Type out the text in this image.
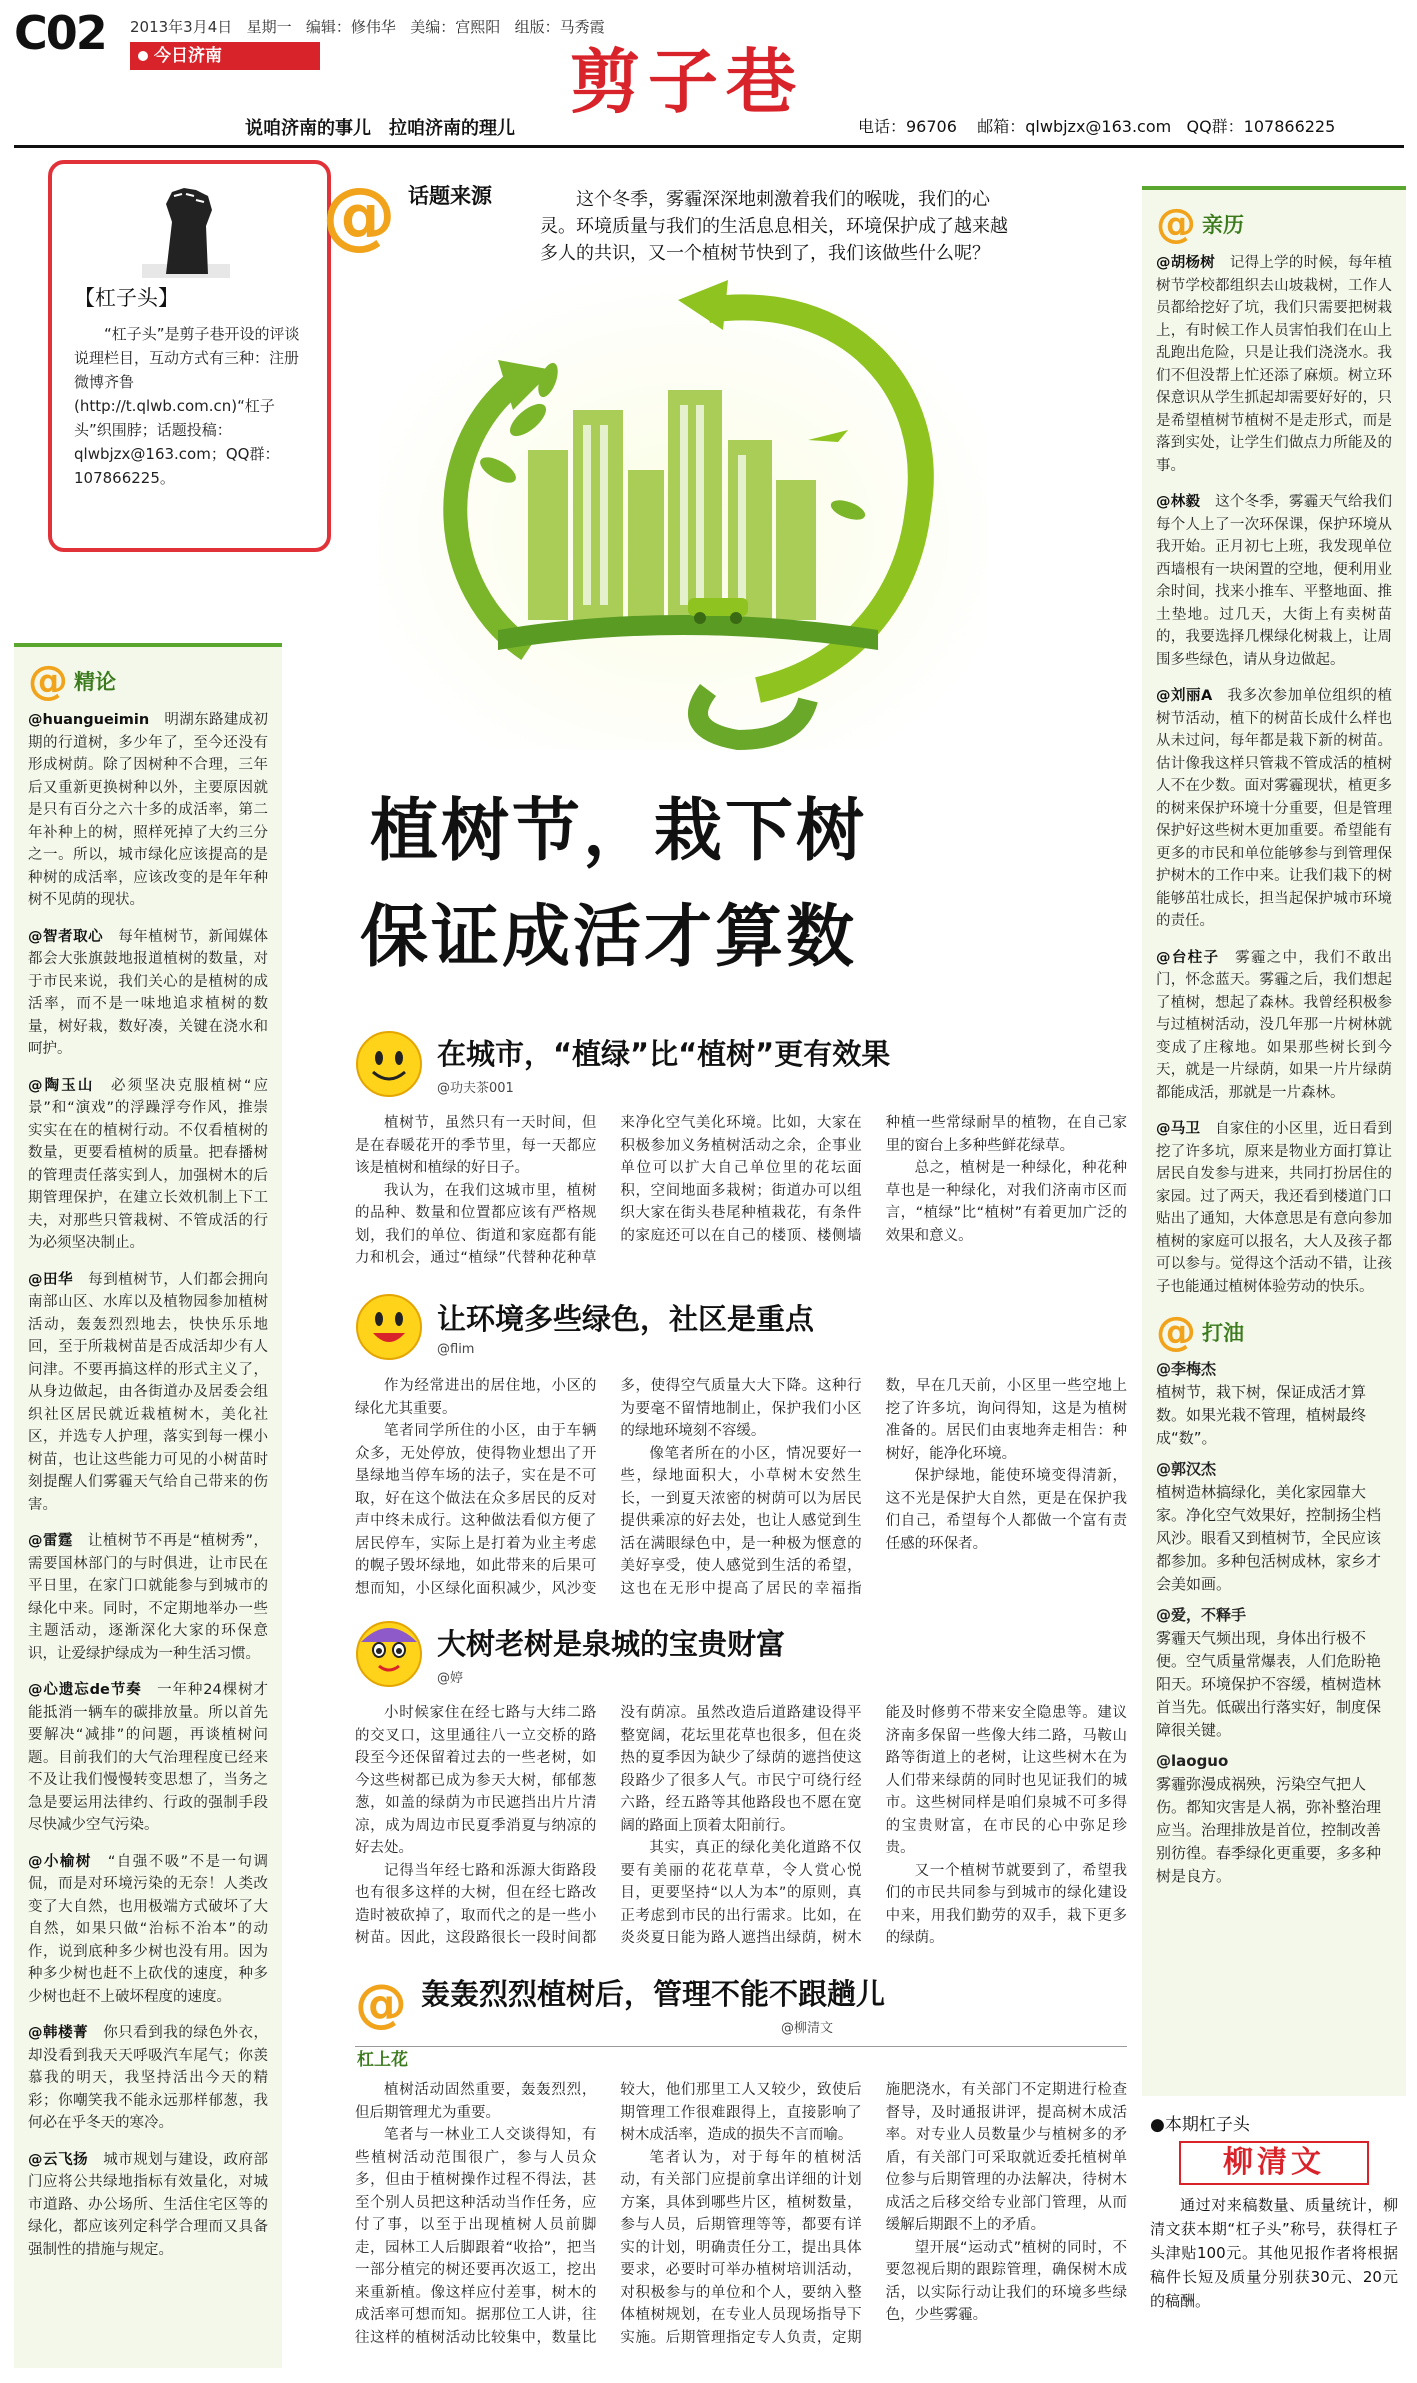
C02 2013年3月4日 星期一 编辑：修伟华 美编：宫熙阳 组版：马秀霞
今日济南	剪子巷
说咱济南的事儿　拉咱济南的理儿	电话：96706 邮箱：qlwbjzx@163.com QQ群：107866225
【杠子头】
“杠子头”是剪子巷开设的评谈说理栏目，互动方式有三种：注册微博齐鲁(http://t.qlwb.com.cn)“杠子头”织围脖；话题投稿：qlwbjzx@163.com；QQ群：107866225。
@ 话题来源	这个冬季，雾霾深深地刺激着我们的喉咙，我们的心灵。环境质量与我们的生活息息相关，环境保护成了越来越多人的共识，又一个植树节快到了，我们该做些什么呢？
植树节，栽下树
保证成活才算数
@ 精论
@huangueimin　 明湖东路建成初期的行道树，多少年了，至今还没有形成树荫。除了因树种不合理，三年后又重新更换树种以外，主要原因就是只有百分之六十多的成活率，第二年补种上的树，照样死掉了大约三分之一。所以，城市绿化应该提高的是种树的成活率，应该改变的是年年种树不见荫的现状。
@智者取心　 每年植树节，新闻媒体都会大张旗鼓地报道植树的数量，对于市民来说，我们关心的是植树的成活率，而不是一味地追求植树的数量，树好栽，数好凑，关键在浇水和呵护。
@陶玉山　 必须坚决克服植树“应景”和“演戏”的浮躁浮夸作风，推崇实实在在的植树行动。不仅看植树的数量，更要看植树的质量。把春播树的管理责任落实到人，加强树木的后期管理保护，在建立长效机制上下工夫，对那些只管栽树、不管成活的行为必须坚决制止。
@田华　 每到植树节，人们都会拥向南部山区、水库以及植物园参加植树活动，轰轰烈烈地去，快快乐乐地回，至于所栽树苗是否成活却少有人问津。不要再搞这样的形式主义了，从身边做起，由各街道办及居委会组织社区居民就近栽植树木，美化社区，并选专人护理，落实到每一棵小树苗，也让这些能力可见的小树苗时刻提醒人们雾霾天气给自己带来的伤害。
@雷霆　 让植树节不再是“植树秀”，需要国林部门的与时俱进，让市民在平日里，在家门口就能参与到城市的绿化中来。同时，不定期地举办一些主题活动，逐渐深化大家的环保意识，让爱绿护绿成为一种生活习惯。
@心遗忘de节奏　 一年种24棵树才能抵消一辆车的碳排放量。所以首先要解决“减排”的问题，再谈植树问题。目前我们的大气治理程度已经来不及让我们慢慢转变思想了，当务之急是要运用法律约、行政的强制手段尽快减少空气污染。
@小榆树　 “自强不吸”不是一句调侃，而是对环境污染的无奈！人类改变了大自然，也用极端方式破坏了大自然，如果只做“治标不治本”的动作，说到底种多少树也没有用。因为种多少树也赶不上砍伐的速度，种多少树也赶不上破坏程度的速度。
@韩楼菁　 你只看到我的绿色外衣，却没看到我天天呼吸汽车尾气；你羡慕我的明天，我坚持活出今天的精彩；你嘲笑我不能永远那样郁葱，我何必在乎冬天的寒冷。
@云飞扬　 城市规划与建设，政府部门应将公共绿地指标有效量化，对城市道路、办公场所、生活住宅区等的绿化，都应该列定科学合理而又具备强制性的措施与规定。
@ 亲历
@胡杨树　 记得上学的时候，每年植树节学校都组织去山坡栽树，工作人员都给挖好了坑，我们只需要把树栽上，有时候工作人员害怕我们在山上乱跑出危险，只是让我们浇浇水。我们不但没帮上忙还添了麻烦。树立环保意识从学生抓起却需要好好的，只是希望植树节植树不是走形式，而是落到实处，让学生们做点力所能及的事。
@林毅　 这个冬季，雾霾天气给我们每个人上了一次环保课，保护环境从我开始。正月初七上班，我发现单位西墙根有一块闲置的空地，便利用业余时间，找来小推车、平整地面、推土垫地。过几天，大街上有卖树苗的，我要选择几棵绿化树栽上，让周围多些绿色，请从身边做起。
@刘丽A　 我多次参加单位组织的植树节活动，植下的树苗长成什么样也从未过问，每年都是栽下新的树苗。估计像我这样只管栽不管成活的植树人不在少数。面对雾霾现状，植更多的树来保护环境十分重要，但是管理保护好这些树木更加重要。希望能有更多的市民和单位能够参与到管理保护树木的工作中来。让我们栽下的树能够茁壮成长，担当起保护城市环境的责任。
@台柱子　 雾霾之中，我们不敢出门，怀念蓝天。雾霾之后，我们想起了植树，想起了森林。我曾经积极参与过植树活动，没几年那一片树林就变成了庄稼地。如果那些树长到今天，就是一片绿荫，如果一片片绿荫都能成活，那就是一片森林。
@马卫　 自家住的小区里，近日看到挖了许多坑，原来是物业方面打算让居民自发参与进来，共同打扮居住的家园。过了两天，我还看到楼道门口贴出了通知，大体意思是有意向参加植树的家庭可以报名，大人及孩子都可以参与。觉得这个活动不错，让孩子也能通过植树体验劳动的快乐。
@ 打油
@李梅杰
植树节，栽下树，保证成活才算数。如果光栽不管理，植树最终成“数”。
@郭汉杰
植树造林搞绿化，美化家园靠大家。净化空气效果好，控制扬尘档风沙。眼看又到植树节，全民应该都参加。多种包活树成林，家乡才会美如画。
@爱，不释手
雾霾天气频出现，身体出行极不便。空气质量常爆表，人们危盼艳阳天。环境保护不容缓，植树造林首当先。低碳出行落实好，制度保障很关键。
@laoguo
雾霾弥漫成祸殃，污染空气把人伤。都知灾害是人祸，弥补整治理应当。治理排放是首位，控制改善别彷徨。春季绿化更重要，多多种树是良方。
在城市，“植绿”比“植树”更有效果
@功夫茶001

植树节，虽然只有一天时间，但是在春暖花开的季节里，每一天都应该是植树和植绿的好日子。

我认为，在我们这城市里，植树的品种、数量和位置都应该有严格规划，我们的单位、街道和家庭都有能力和机会，通过“植绿”代替种花种草来净化空气美化环境。比如，大家在积极参加义务植树活动之余，企事业单位可以扩大自己单位里的花坛面积，空间地面多栽树；街道办可以组织大家在街头巷尾种植栽花，有条件的家庭还可以在自己的楼顶、楼侧墙种植一些常绿耐旱的植物，在自己家里的窗台上多种些鲜花绿草。

总之，植树是一种绿化，种花种草也是一种绿化，对我们济南市区而言，“植绿”比“植树”有着更加广泛的效果和意义。

让环境多些绿色，社区是重点
@flim

作为经常进出的居住地，小区的绿化尤其重要。

笔者同学所住的小区，由于车辆众多，无处停放，使得物业想出了开垦绿地当停车场的法子，实在是不可取，好在这个做法在众多居民的反对声中终未成行。这种做法看似方便了居民停车，实际上是打着为业主考虑的幌子毁坏绿地，如此带来的后果可想而知，小区绿化面积减少，风沙变多，使得空气质量大大下降。这种行为要毫不留情地制止，保护我们小区的绿地环境刻不容缓。

像笔者所在的小区，情况要好一些，绿地面积大，小草树木安然生长，一到夏天浓密的树荫可以为居民提供乘凉的好去处，也让人感觉到生活在满眼绿色中，是一种极为惬意的美好享受，使人感觉到生活的希望，这也在无形中提高了居民的幸福指数，早在几天前，小区里一些空地上挖了许多坑，询问得知，这是为植树准备的。居民们由衷地奔走相告：种树好，能净化环境。

保护绿地，能使环境变得清新，这不光是保护大自然，更是在保护我们自己，希望每个人都做一个富有责任感的环保者。

大树老树是泉城的宝贵财富
@婷

小时候家住在经七路与大纬二路的交叉口，这里通往八一立交桥的路段至今还保留着过去的一些老树，如今这些树都已成为参天大树，郁郁葱葱，如盖的绿荫为市民遮挡出片片清凉，成为周边市民夏季消夏与纳凉的好去处。

记得当年经七路和泺源大街路段也有很多这样的大树，但在经七路改造时被砍掉了，取而代之的是一些小树苗。因此，这段路很长一段时间都没有荫凉。虽然改造后道路建设得平整宽阔，花坛里花草也很多，但在炎热的夏季因为缺少了绿荫的遮挡使这段路少了很多人气。市民宁可绕行经六路，经五路等其他路段也不愿在宽阔的路面上顶着太阳前行。

其实，真正的绿化美化道路不仅要有美丽的花花草草，令人赏心悦目，更要坚持“以人为本”的原则，真正考虑到市民的出行需求。比如，在炎炎夏日能为路人遮挡出绿荫，树木能及时修剪不带来安全隐患等。建议济南多保留一些像大纬二路，马鞍山路等街道上的老树，让这些树木在为人们带来绿荫的同时也见证我们的城市。这些树同样是咱们泉城不可多得的宝贵财富，在市民的心中弥足珍贵。

又一个植树节就要到了，希望我们的市民共同参与到城市的绿化建设中来，用我们勤劳的双手，栽下更多的绿荫。

@ 轰轰烈烈植树后，管理不能不跟趟儿
@柳清文
杠上花

植树活动固然重要，轰轰烈烈，但后期管理尤为重要。

笔者与一林业工人交谈得知，有些植树活动范围很广，参与人员众多，但由于植树操作过程不得法，甚至个别人员把这种活动当作任务，应付了事，以至于出现植树人员前脚走，园林工人后脚跟着“收拾”，把当一部分植完的树还要再次返工，挖出来重新植。像这样应付差事，树木的成活率可想而知。据那位工人讲，往往这样的植树活动比较集中，数量比较大，他们那里工人又较少，致使后期管理工作很难跟得上，直接影响了树木成活率，造成的损失不言而喻。

笔者认为，对于每年的植树活动，有关部门应提前拿出详细的计划方案，具体到哪些片区，植树数量，参与人员，后期管理等等，都要有详实的计划，明确责任分工，提出具体要求，必要时可举办植树培训活动，对积极参与的单位和个人，要纳入整体植树规划，在专业人员现场指导下实施。后期管理指定专人负责，定期施肥浇水，有关部门不定期进行检查督导，及时通报讲评，提高树木成活率。对专业人员数量少与植树多的矛盾，有关部门可采取就近委托植树单位参与后期管理的办法解决，待树木成活之后移交给专业部门管理，从而缓解后期跟不上的矛盾。

望开展“运动式”植树的同时，不要忽视后期的跟踪管理，确保树木成活，以实际行动让我们的环境多些绿色，少些雾霾。

●本期杠子头
柳清文
通过对来稿数量、质量统计，柳清文获本期“杠子头”称号，获得杠子头津贴100元。其他见报作者将根据稿件长短及质量分别获30元、20元的稿酬。
